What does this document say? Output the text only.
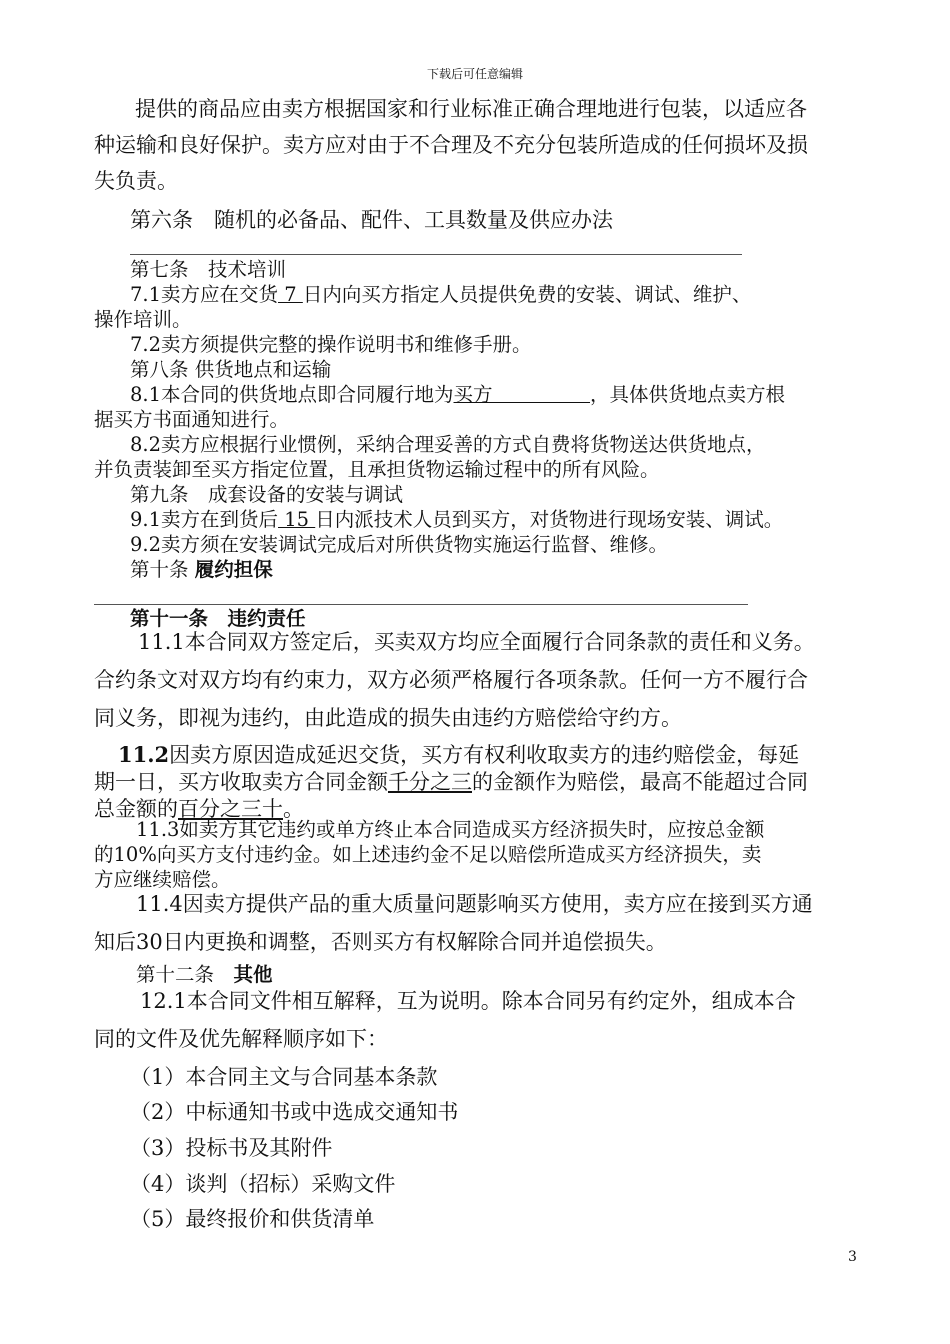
下载后可任意编辑
提供的商品应由卖方根据国家和行业标准正确合理地进行包装，以适应各
种运输和良好保护。卖方应对由于不合理及不充分包装所造成的任何损坏及损
失负责。
第六条　随机的必备品、配件、工具数量及供应办法
第七条　技术培训
7.1卖方应在交货 7 日内向买方指定人员提供免费的安装、调试、维护、
操作培训。
7.2卖方须提供完整的操作说明书和维修手册。
第八条 供货地点和运输
8.1本合同的供货地点即合同履行地为买方　　　　　，具体供货地点卖方根
据买方书面通知进行。
8.2卖方应根据行业惯例，采纳合理妥善的方式自费将货物送达供货地点，
并负责装卸至买方指定位置，且承担货物运输过程中的所有风险。
第九条　成套设备的安装与调试
9.1卖方在到货后 15 日内派技术人员到买方，对货物进行现场安装、调试。
9.2卖方须在安装调试完成后对所供货物实施运行监督、维修。
第十条 履约担保
第十一条　违约责任
11.1本合同双方签定后，买卖双方均应全面履行合同条款的责任和义务。
合约条文对双方均有约束力，双方必须严格履行各项条款。任何一方不履行合
同义务，即视为违约，由此造成的损失由违约方赔偿给守约方。
11.2因卖方原因造成延迟交货，买方有权利收取卖方的违约赔偿金，每延
期一日，买方收取卖方合同金额千分之三的金额作为赔偿，最高不能超过合同
总金额的百分之三十。
11.3如卖方其它违约或单方终止本合同造成买方经济损失时，应按总金额
的10%向买方支付违约金。如上述违约金不足以赔偿所造成买方经济损失，卖
方应继续赔偿。
11.4因卖方提供产品的重大质量问题影响买方使用，卖方应在接到买方通
知后30日内更换和调整，否则买方有权解除合同并追偿损失。
第十二条　其他
12.1本合同文件相互解释，互为说明。除本合同另有约定外，组成本合
同的文件及优先解释顺序如下：
（1）本合同主文与合同基本条款
（2）中标通知书或中选成交通知书
（3）投标书及其附件
（4）谈判（招标）采购文件
（5）最终报价和供货清单
3
